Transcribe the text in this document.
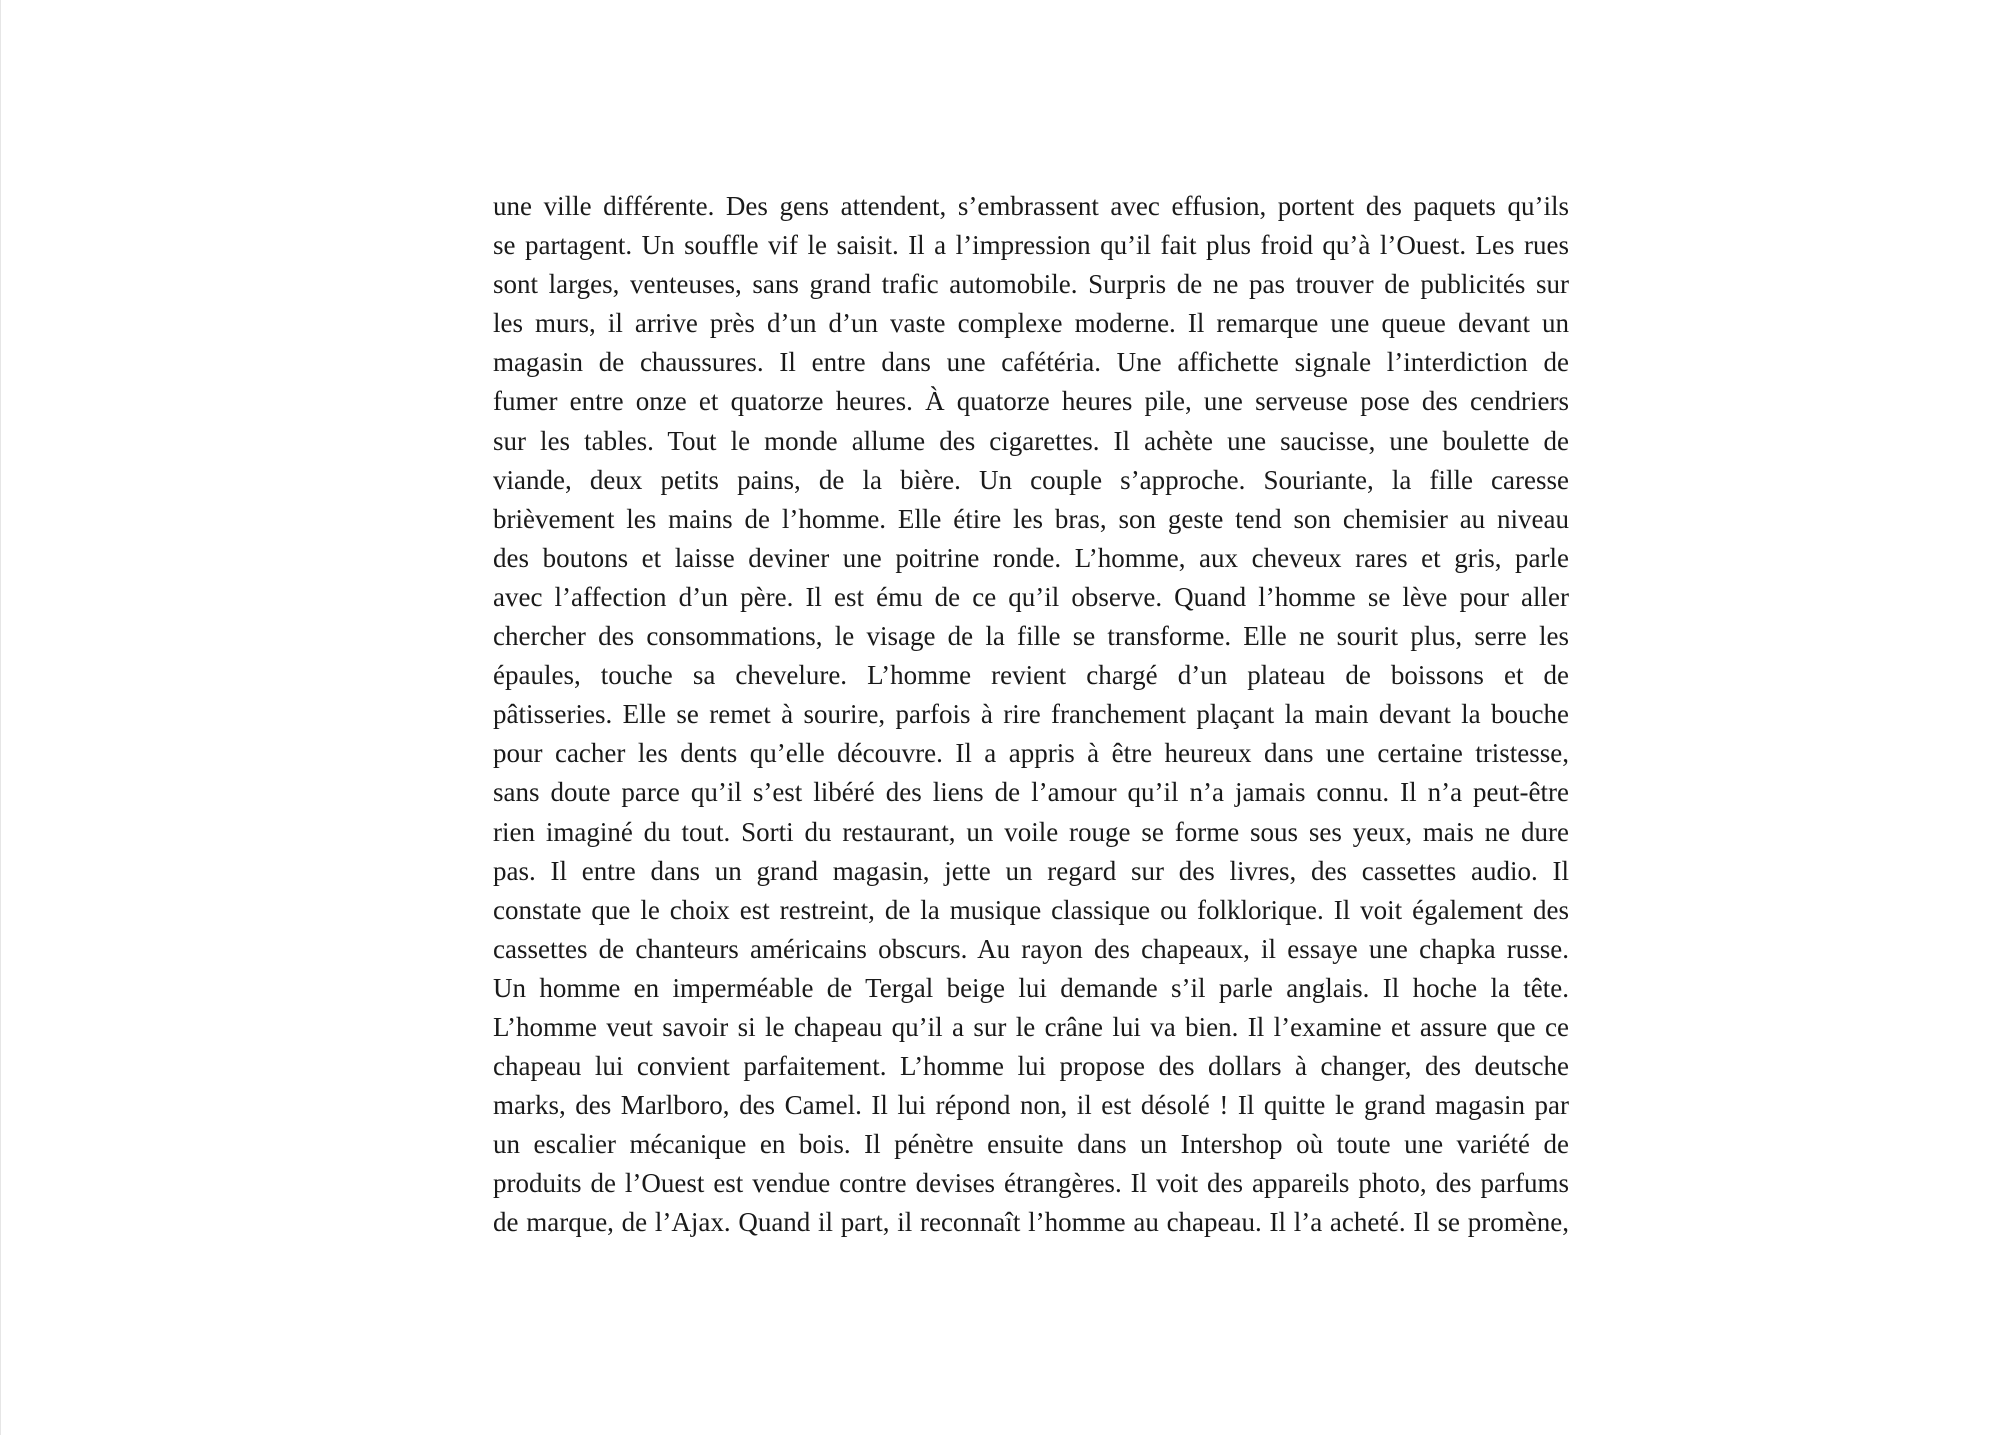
une ville différente. Des gens attendent, s’embrassent avec effusion, portent des paquets qu’ils
se partagent. Un souffle vif le saisit. Il a l’impression qu’il fait plus froid qu’à l’Ouest. Les rues
sont larges, venteuses, sans grand trafic automobile. Surpris de ne pas trouver de publicités sur
les murs, il arrive près d’un d’un vaste complexe moderne. Il remarque une queue devant un
magasin de chaussures. Il entre dans une cafétéria. Une affichette signale l’interdiction de
fumer entre onze et quatorze heures. À quatorze heures pile, une serveuse pose des cendriers
sur les tables. Tout le monde allume des cigarettes. Il achète une saucisse, une boulette de
viande, deux petits pains, de la bière. Un couple s’approche. Souriante, la fille caresse
brièvement les mains de l’homme. Elle étire les bras, son geste tend son chemisier au niveau
des boutons et laisse deviner une poitrine ronde. L’homme, aux cheveux rares et gris, parle
avec l’affection d’un père. Il est ému de ce qu’il observe. Quand l’homme se lève pour aller
chercher des consommations, le visage de la fille se transforme. Elle ne sourit plus, serre les
épaules, touche sa chevelure. L’homme revient chargé d’un plateau de boissons et de
pâtisseries. Elle se remet à sourire, parfois à rire franchement plaçant la main devant la bouche
pour cacher les dents qu’elle découvre. Il a appris à être heureux dans une certaine tristesse,
sans doute parce qu’il s’est libéré des liens de l’amour qu’il n’a jamais connu. Il n’a peut-être
rien imaginé du tout. Sorti du restaurant, un voile rouge se forme sous ses yeux, mais ne dure
pas. Il entre dans un grand magasin, jette un regard sur des livres, des cassettes audio. Il
constate que le choix est restreint, de la musique classique ou folklorique. Il voit également des
cassettes de chanteurs américains obscurs. Au rayon des chapeaux, il essaye une chapka russe.
Un homme en imperméable de Tergal beige lui demande s’il parle anglais. Il hoche la tête.
L’homme veut savoir si le chapeau qu’il a sur le crâne lui va bien. Il l’examine et assure que ce
chapeau lui convient parfaitement. L’homme lui propose des dollars à changer, des deutsche
marks, des Marlboro, des Camel. Il lui répond non, il est désolé ! Il quitte le grand magasin par
un escalier mécanique en bois. Il pénètre ensuite dans un Intershop où toute une variété de
produits de l’Ouest est vendue contre devises étrangères. Il voit des appareils photo, des parfums
de marque, de l’Ajax. Quand il part, il reconnaît l’homme au chapeau. Il l’a acheté. Il se promène,
